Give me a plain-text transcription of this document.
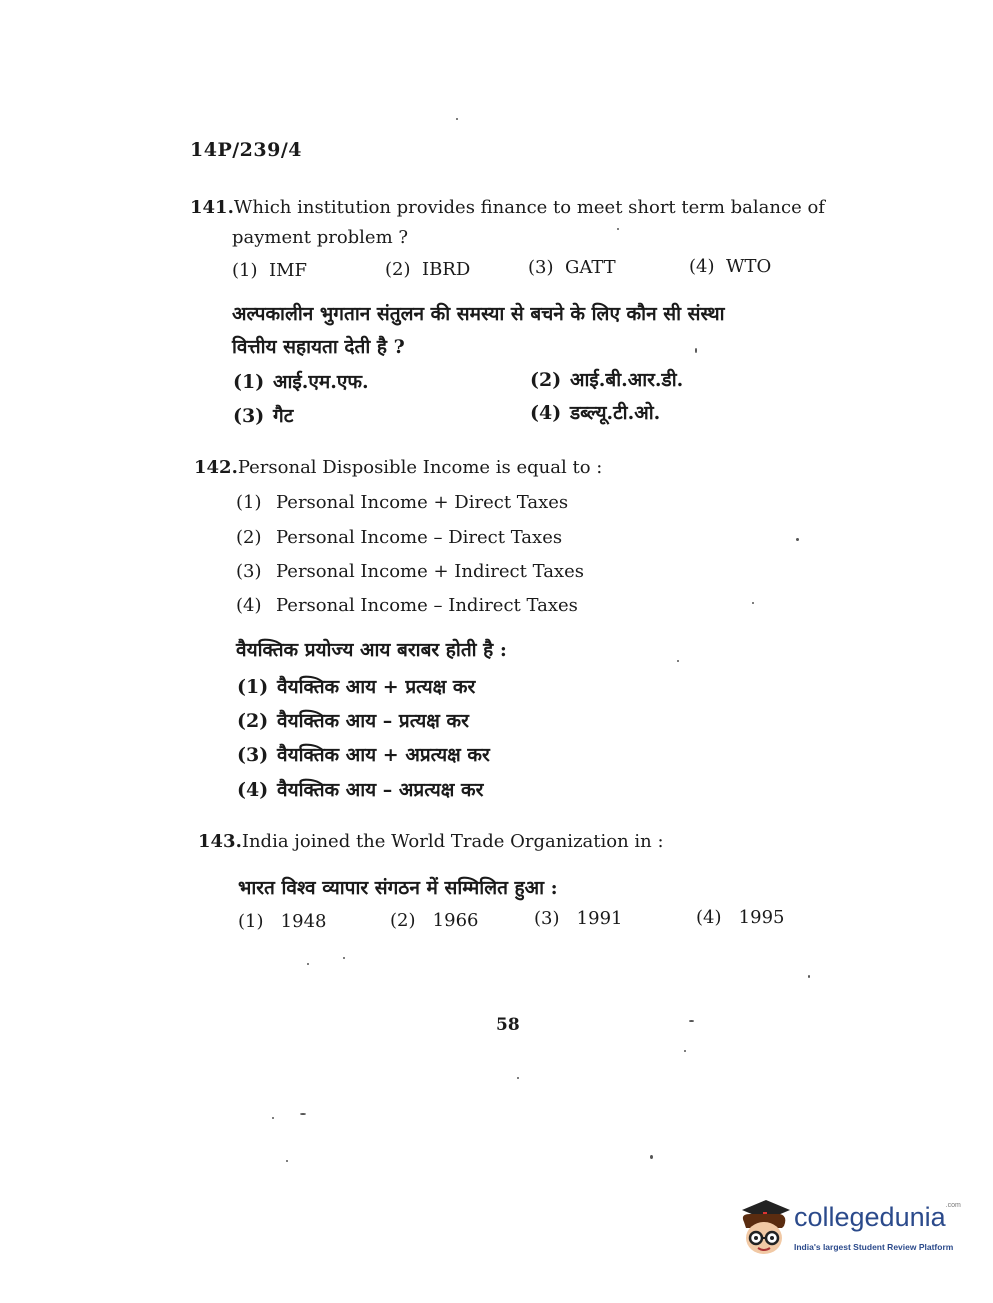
14P/239/4
141.Which institution provides finance to meet short term balance of
payment problem ?
(1) IMF	(2) IBRD	(3) GATT	(4) WTO
अल्पकालीन भुगतान संतुलन की समस्या से बचने के लिए कौन सी संस्था
वित्तीय सहायता देती है ?
(1) आई.एम.एफ.	(2) आई.बी.आर.डी.
(3) गैट	(4) डब्ल्यू.टी.ओ.
142.Personal Disposible Income is equal to :
(1) Personal Income + Direct Taxes
(2) Personal Income – Direct Taxes
(3) Personal Income + Indirect Taxes
(4) Personal Income – Indirect Taxes
वैयक्तिक प्रयोज्य आय बराबर होती है :
(1) वैयक्तिक आय + प्रत्यक्ष कर
(2) वैयक्तिक आय – प्रत्यक्ष कर
(3) वैयक्तिक आय + अप्रत्यक्ष कर
(4) वैयक्तिक आय – अप्रत्यक्ष कर
143.India joined the World Trade Organization in :
भारत विश्व व्यापार संगठन में सम्मिलित हुआ :
(1) 1948	(2) 1966	(3) 1991	(4) 1995
58
collegedunia$^{.com}$
India's largest Student Review Platform
